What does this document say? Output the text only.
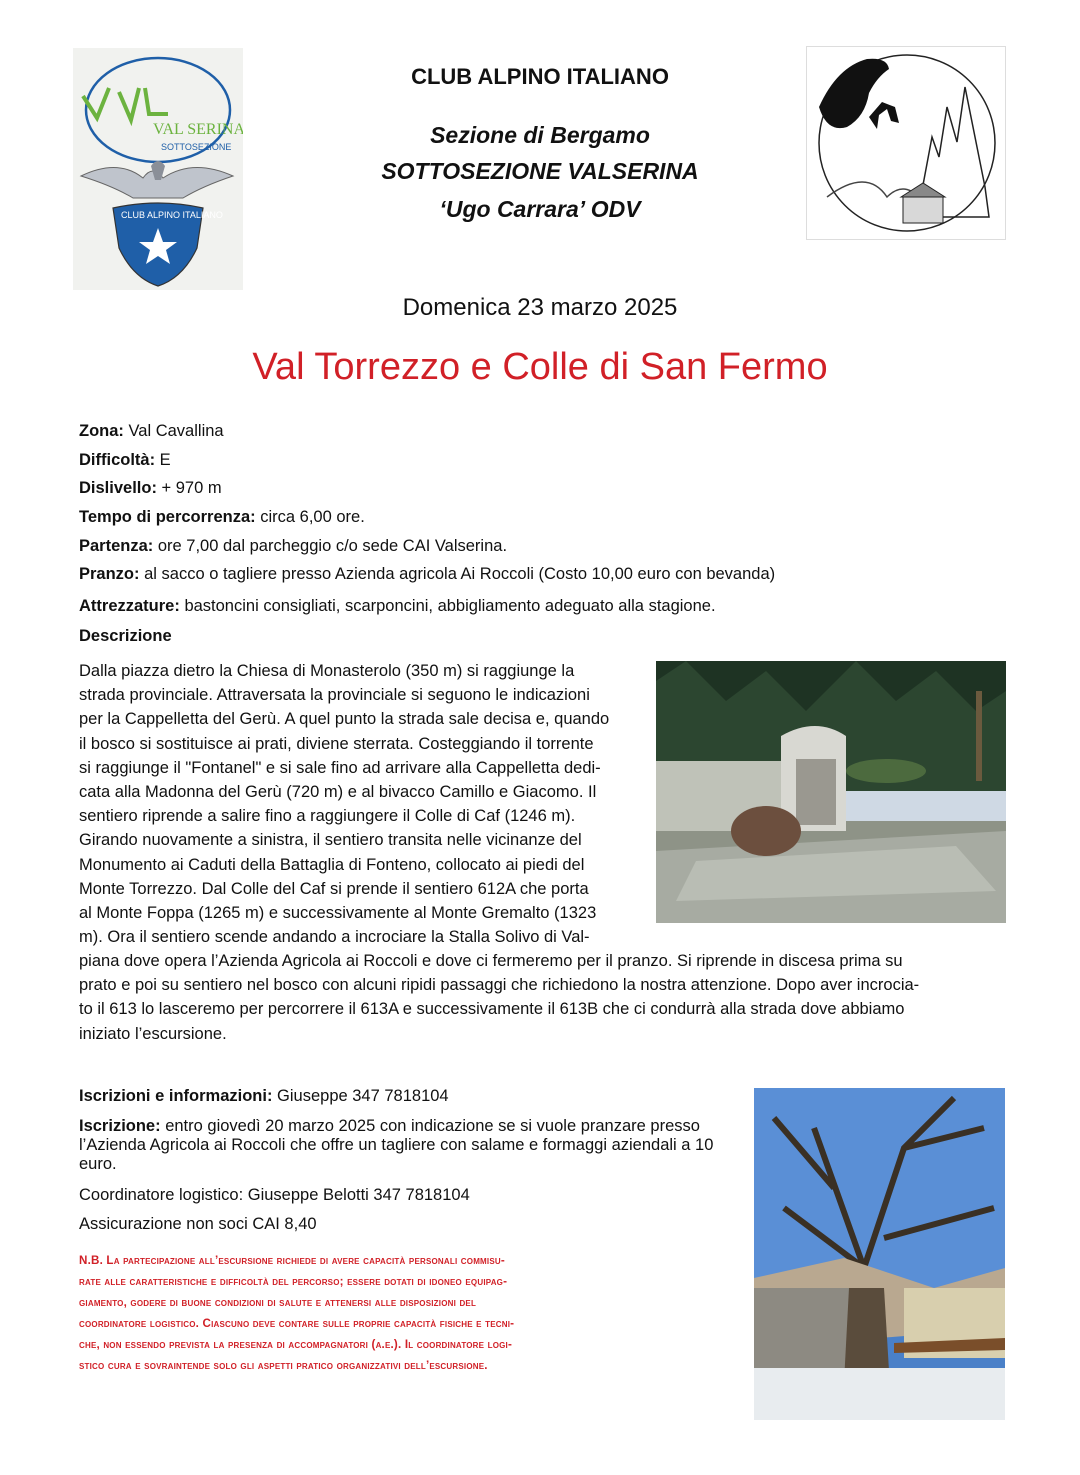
VAL SERINA
SOTTOSEZIONE
CLUB ALPINO ITALIANO
CLUB ALPINO ITALIANO
Sezione di Bergamo
SOTTOSEZIONE VALSERINA
‘Ugo Carrara’ ODV
Domenica 23 marzo 2025
Val Torrezzo e Colle di San Fermo
Zona: Val Cavallina
Difficoltà: E
Dislivello: + 970 m
Tempo di percorrenza: circa 6,00 ore.
Partenza: ore 7,00 dal parcheggio c/o sede CAI Valserina.
Pranzo: al sacco o tagliere presso Azienda agricola Ai Roccoli (Costo 10,00 euro con bevanda)
Attrezzature: bastoncini consigliati, scarponcini, abbigliamento adeguato alla stagione.
Descrizione
Dalla piazza dietro la Chiesa di Monasterolo (350 m) si raggiunge la
strada provinciale. Attraversata la provinciale si seguono le indicazioni
per la Cappelletta del Gerù. A quel punto la strada sale decisa e, quando
il bosco si sostituisce ai prati, diviene sterrata. Costeggiando il torrente
si raggiunge il "Fontanel" e si sale fino ad arrivare alla Cappelletta dedi-
cata alla Madonna del Gerù (720 m) e al bivacco Camillo e Giacomo. Il
sentiero riprende a salire fino a raggiungere il Colle di Caf (1246 m).
Girando nuovamente a sinistra, il sentiero transita nelle vicinanze del
Monumento ai Caduti della Battaglia di Fonteno, collocato ai piedi del
Monte Torrezzo. Dal Colle del Caf si prende il sentiero 612A che porta
al Monte Foppa (1265 m) e successivamente al Monte Gremalto (1323
m). Ora il sentiero scende andando a incrociare la Stalla Solivo di Val-
piana dove opera l’Azienda Agricola ai Roccoli e dove ci fermeremo per il pranzo. Si riprende in discesa prima su
prato e poi su sentiero nel bosco con alcuni ripidi passaggi che richiedono la nostra attenzione. Dopo aver incrocia-
to il 613 lo lasceremo per percorrere il 613A e successivamente il 613B che ci condurrà alla strada dove abbiamo
iniziato l’escursione.
Iscrizioni e informazioni: Giuseppe 347 7818104
Iscrizione: entro giovedì 20 marzo 2025 con indicazione se si vuole pranzare presso l’Azienda Agricola ai Roccoli che offre un tagliere con salame e formaggi aziendali a 10 euro.
Coordinatore logistico: Giuseppe Belotti 347 7818104
Assicurazione non soci CAI 8,40
N.B. La partecipazione all’escursione richiede di avere capacità personali commisu-
rate alle caratteristiche e difficoltà del percorso; essere dotati di idoneo equipag-
giamento, godere di buone condizioni di salute e attenersi alle disposizioni del
coordinatore logistico. Ciascuno deve contare sulle proprie capacità fisiche e tecni-
che, non essendo prevista la presenza di accompagnatori (a.e.). Il coordinatore logi-
stico cura e sovraintende solo gli aspetti pratico organizzativi dell’escursione.
